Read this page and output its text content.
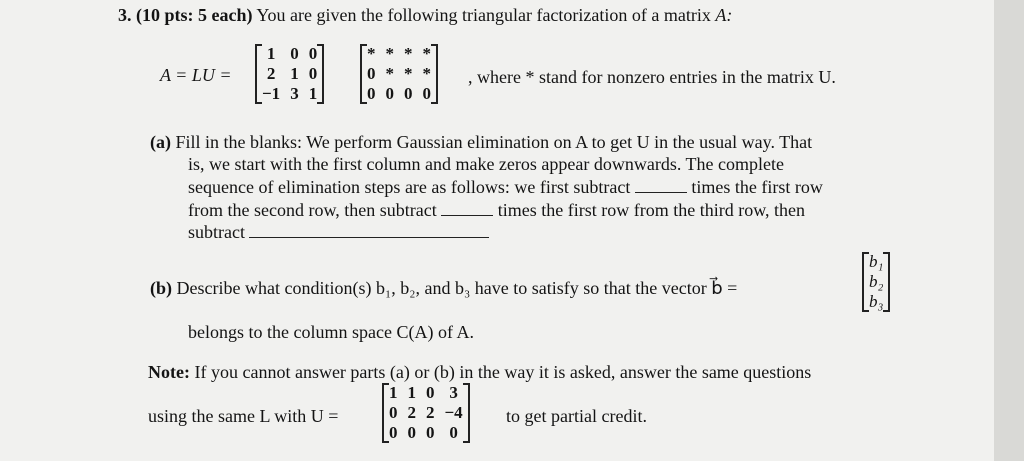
3. (10 pts: 5 each) You are given the following triangular factorization of a matrix A:
A = LU =
1	0	0
2	1	0
−1	3	1
*	*	*	*
0	*	*	*
0	0	0	0
, where * stand for nonzero entries in the matrix U.
(a) Fill in the blanks: We perform Gaussian elimination on A to get U in the usual way. That
is, we start with the first column and make zeros appear downwards. The complete
sequence of elimination steps are as follows: we first subtract	times the first row
from the second row, then subtract	times the first row from the third row, then
subtract
(b) Describe what condition(s) b₁, b₂, and b₃ have to satisfy so that the vector b⃗ =
b₁
b₂
b₃
belongs to the column space C(A) of A.
Note: If you cannot answer parts (a) or (b) in the way it is asked, answer the same questions
using the same L with U =
1	1	0	3
0	2	2	−4
0	0	0	0
to get partial credit.
